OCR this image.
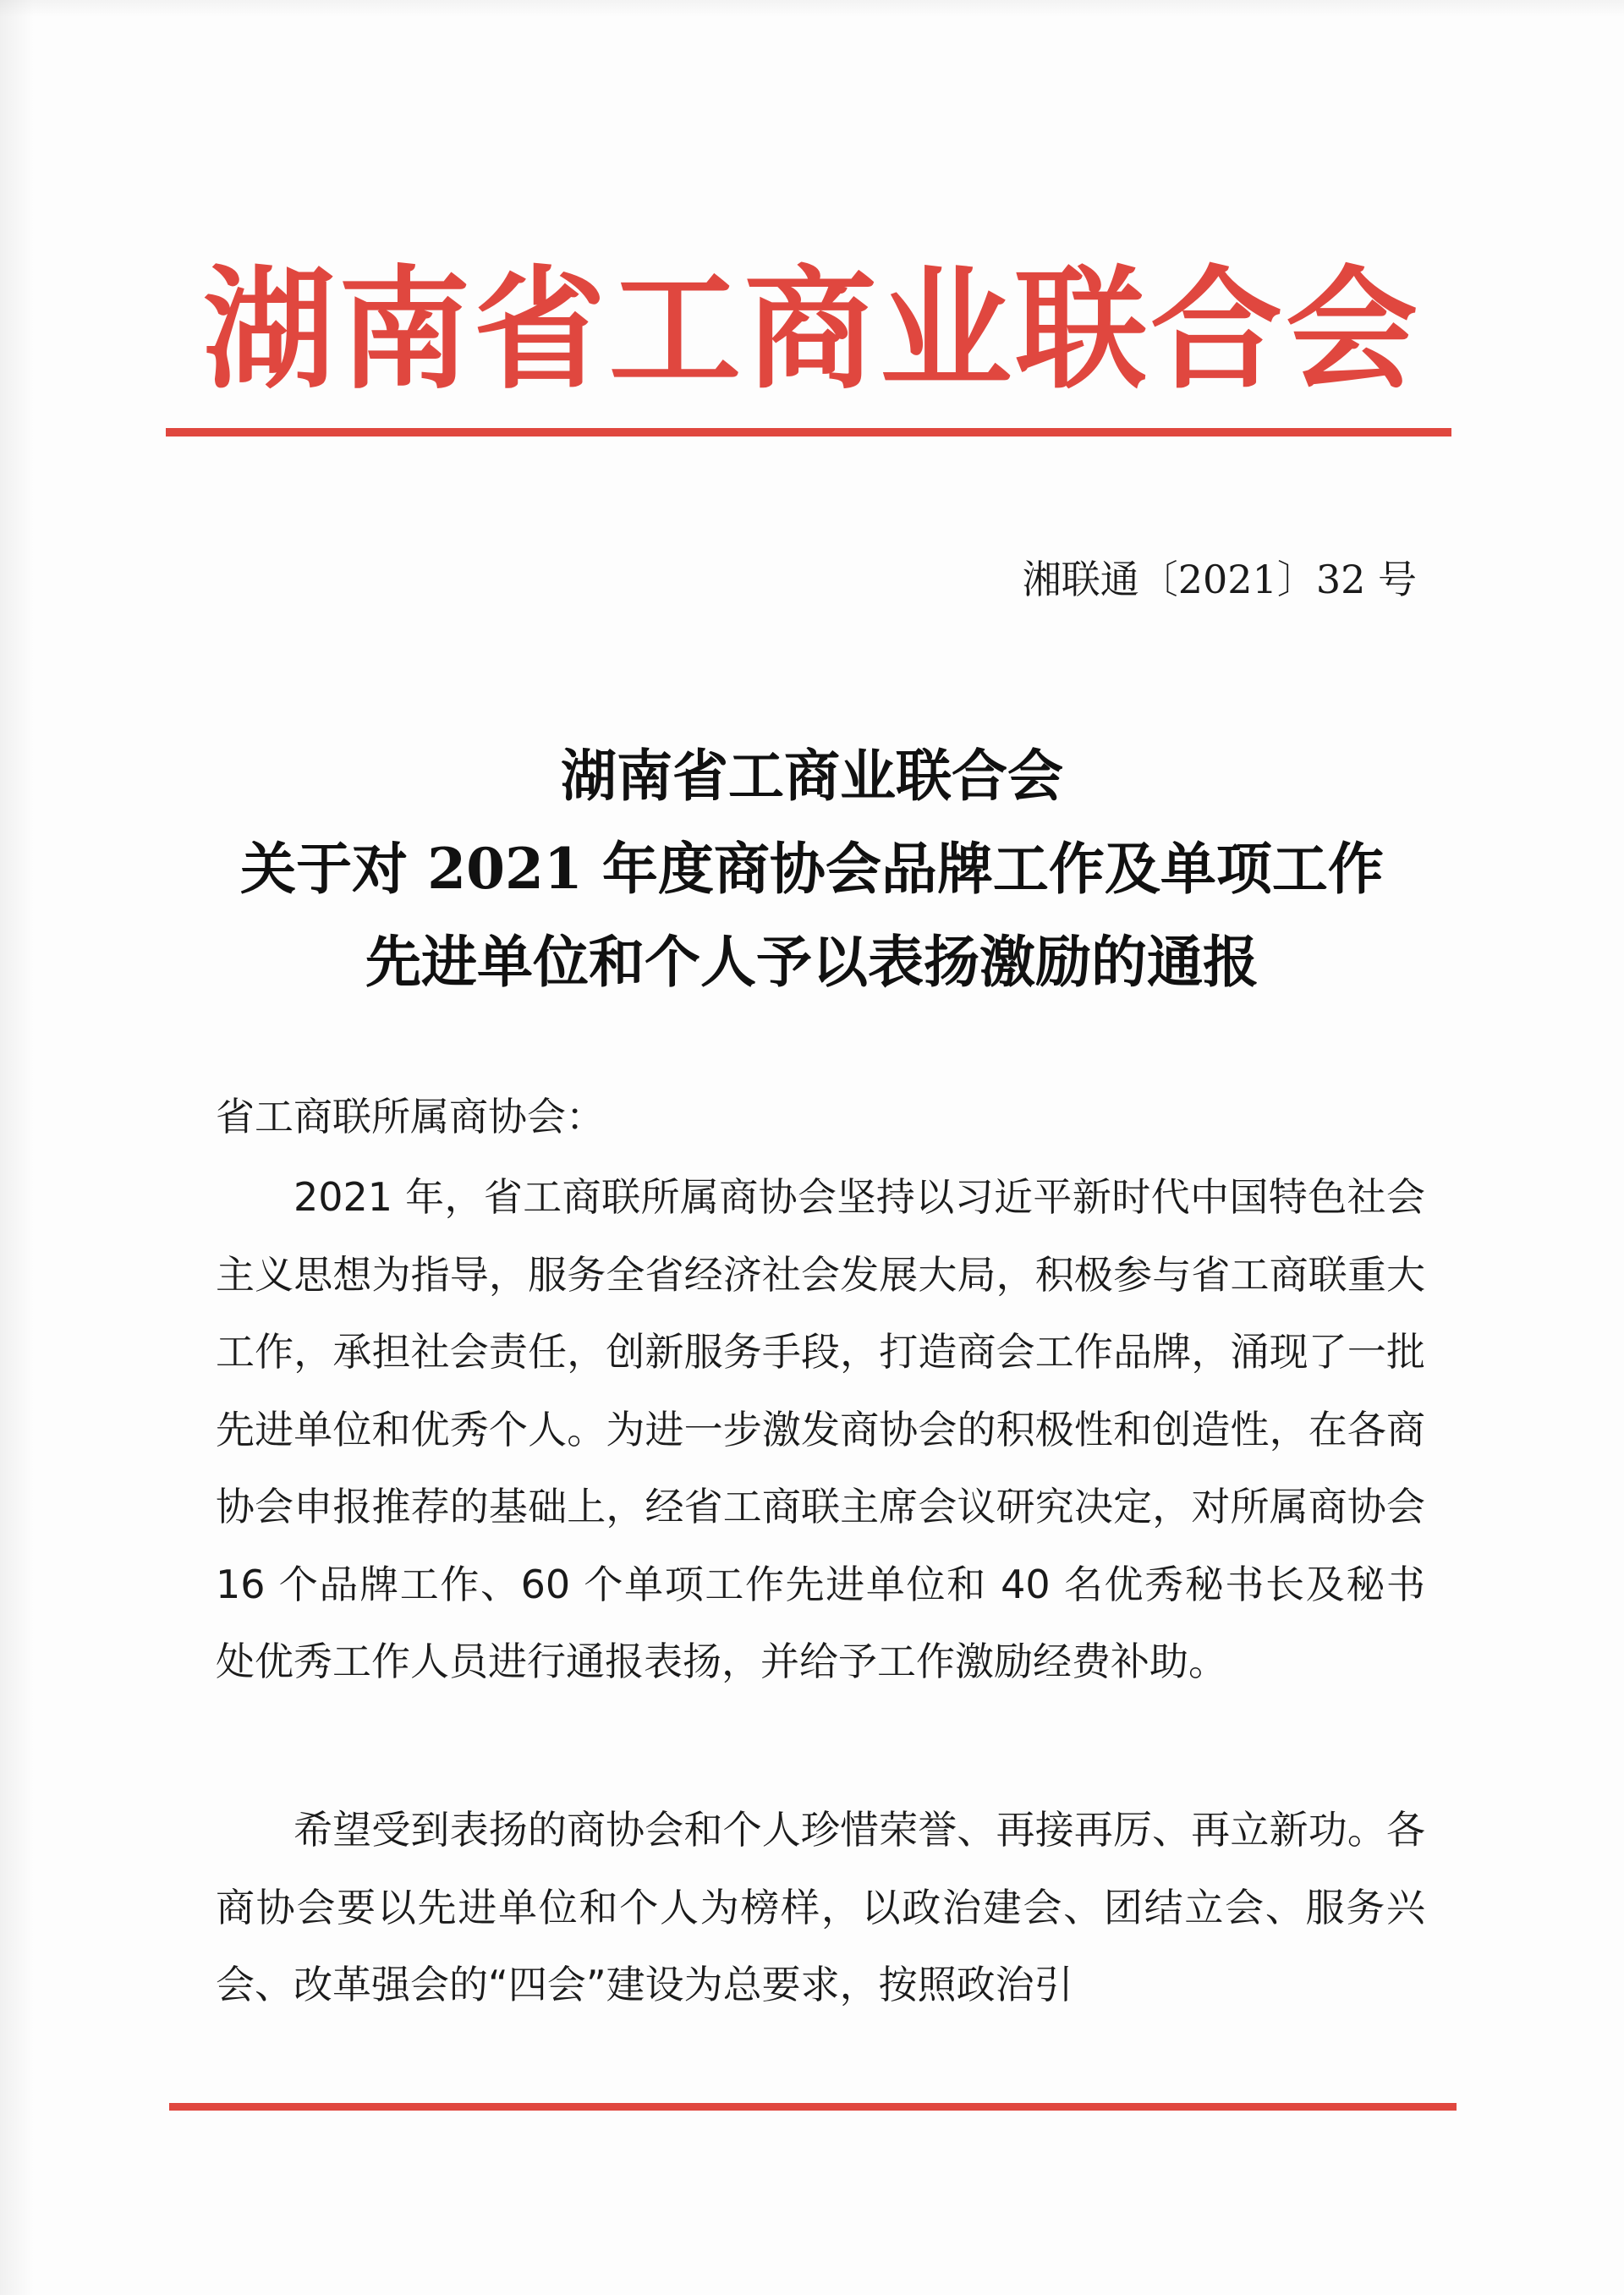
湖南省工商业联合会
湘联通〔2021〕32 号
湖南省工商业联合会
关于对 2021 年度商协会品牌工作及单项工作
先进单位和个人予以表扬激励的通报
省工商联所属商协会：

2021 年，省工商联所属商协会坚持以习近平新时代中国特色社会主义思想为指导，服务全省经济社会发展大局，积极参与省工商联重大工作，承担社会责任，创新服务手段，打造商会工作品牌，涌现了一批先进单位和优秀个人。为进一步激发商协会的积极性和创造性，在各商协会申报推荐的基础上，经省工商联主席会议研究决定，对所属商协会 16 个品牌工作、60 个单项工作先进单位和 40 名优秀秘书长及秘书处优秀工作人员进行通报表扬，并给予工作激励经费补助。

希望受到表扬的商协会和个人珍惜荣誉、再接再厉、再立新功。各商协会要以先进单位和个人为榜样，以政治建会、团结立会、服务兴会、改革强会的“四会”建设为总要求，按照政治引
